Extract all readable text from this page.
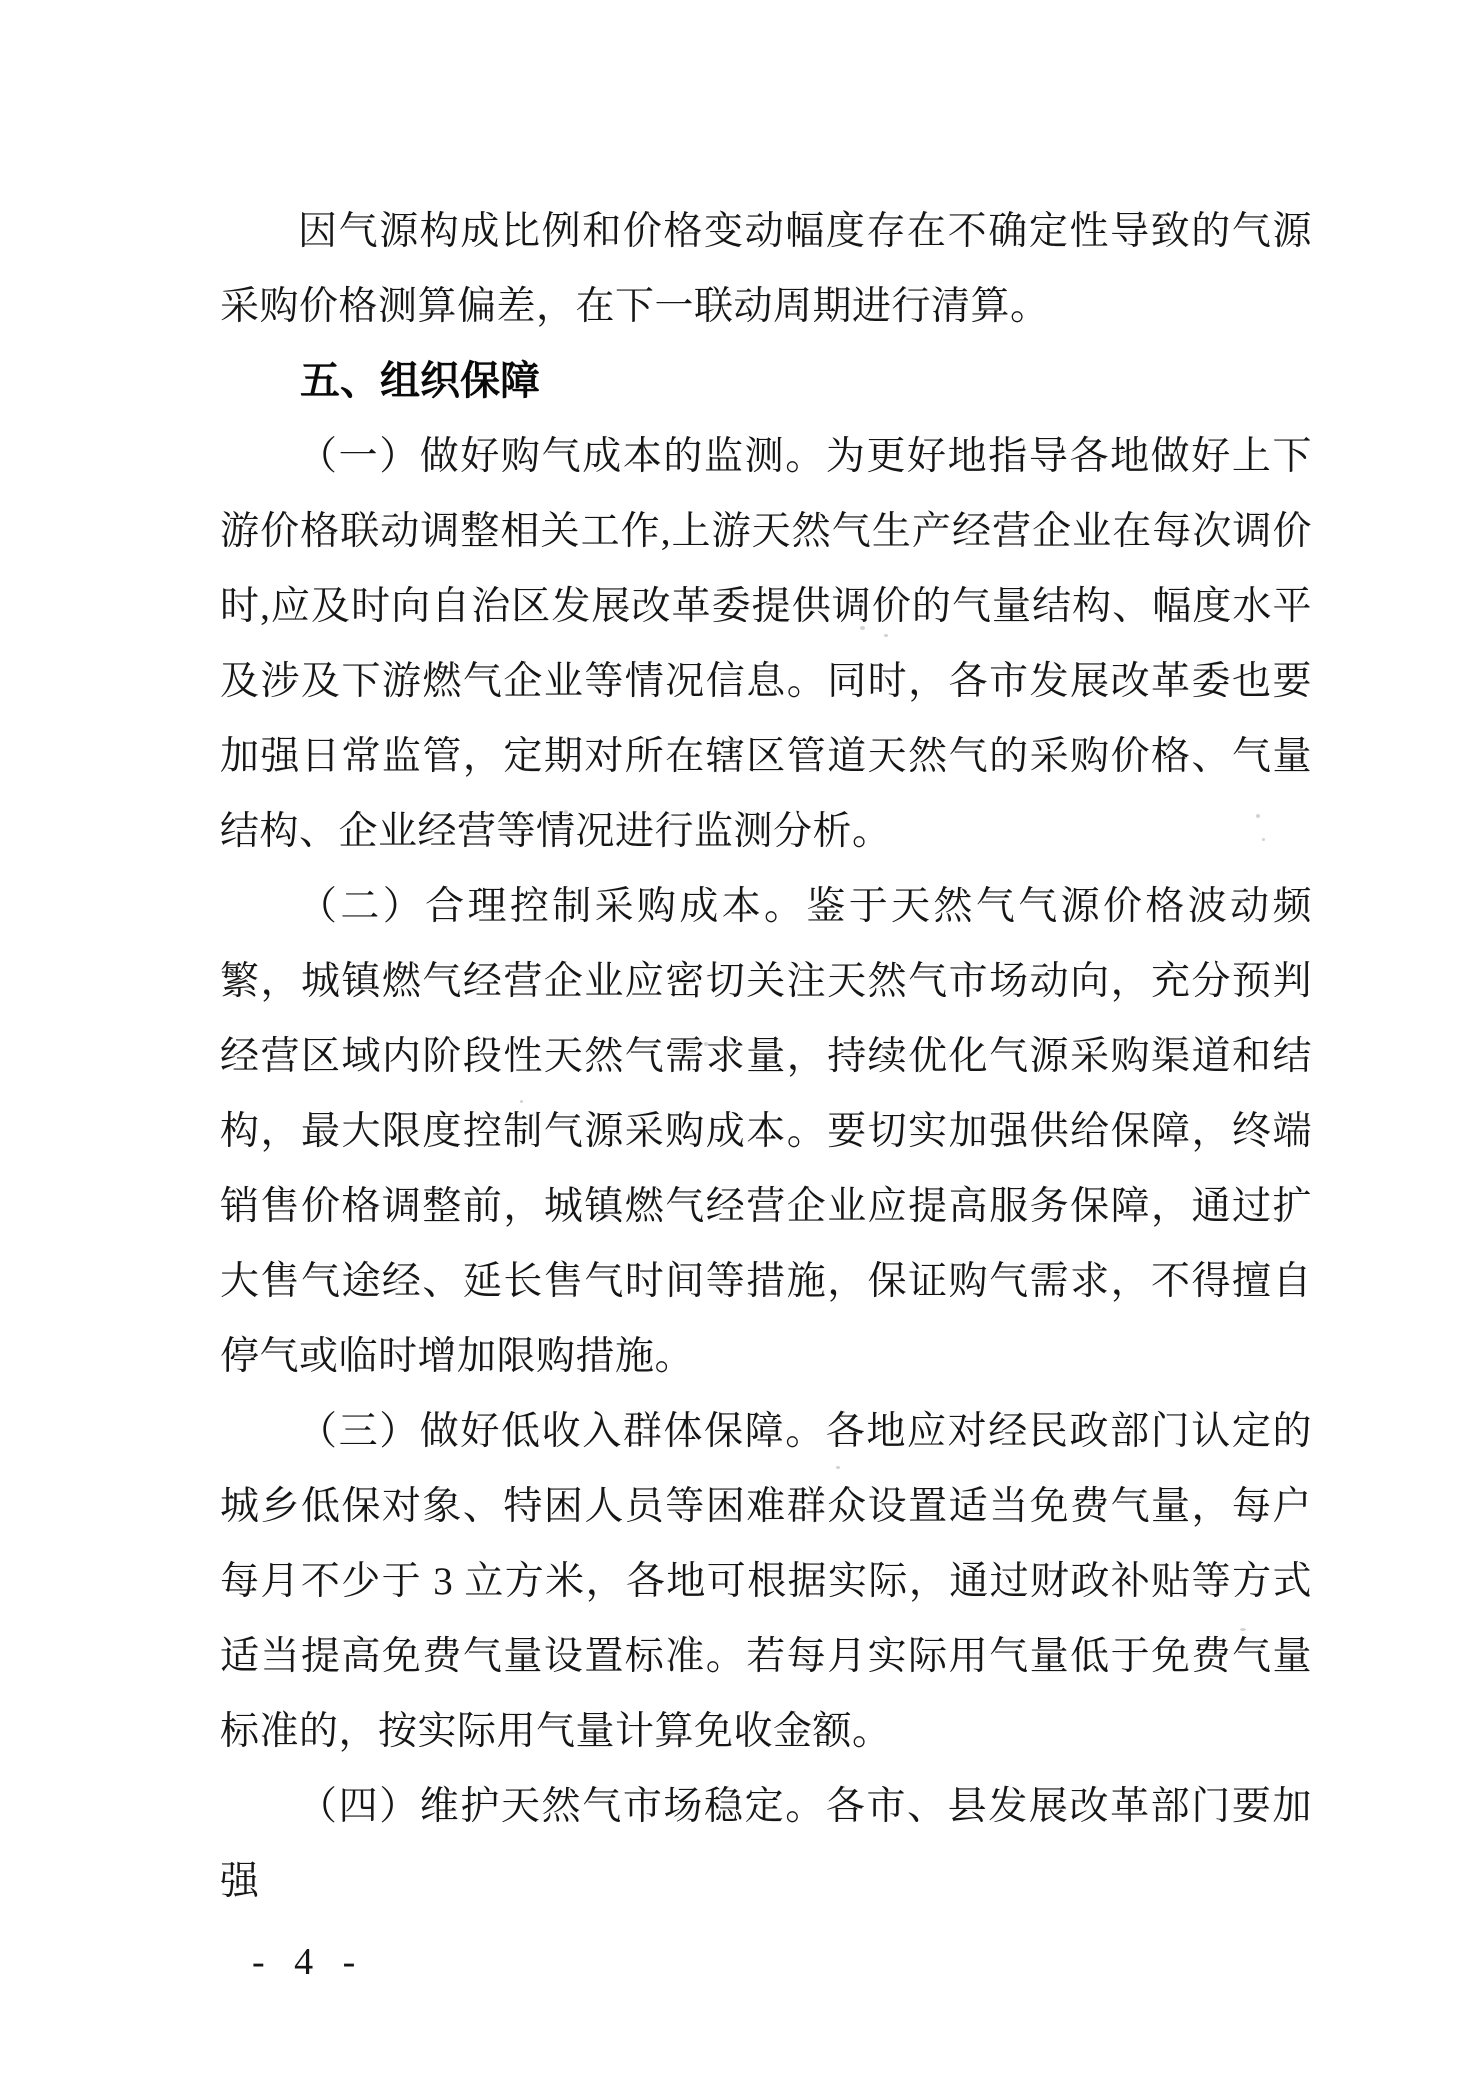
因气源构成比例和价格变动幅度存在不确定性导致的气源采购价格测算偏差，在下一联动周期进行清算。

五、组织保障

（一）做好购气成本的监测。为更好地指导各地做好上下游价格联动调整相关工作,上游天然气生产经营企业在每次调价时,应及时向自治区发展改革委提供调价的气量结构、幅度水平及涉及下游燃气企业等情况信息。同时，各市发展改革委也要加强日常监管，定期对所在辖区管道天然气的采购价格、气量结构、企业经营等情况进行监测分析。

（二）合理控制采购成本。鉴于天然气气源价格波动频繁，城镇燃气经营企业应密切关注天然气市场动向，充分预判经营区域内阶段性天然气需求量，持续优化气源采购渠道和结构，最大限度控制气源采购成本。要切实加强供给保障，终端销售价格调整前，城镇燃气经营企业应提高服务保障，通过扩大售气途经、延长售气时间等措施，保证购气需求，不得擅自停气或临时增加限购措施。

（三）做好低收入群体保障。各地应对经民政部门认定的城乡低保对象、特困人员等困难群众设置适当免费气量，每户每月不少于 3 立方米，各地可根据实际，通过财政补贴等方式适当提高免费气量设置标准。若每月实际用气量低于免费气量标准的，按实际用气量计算免收金额。

（四）维护天然气市场稳定。各市、县发展改革部门要加强

- 4 -
